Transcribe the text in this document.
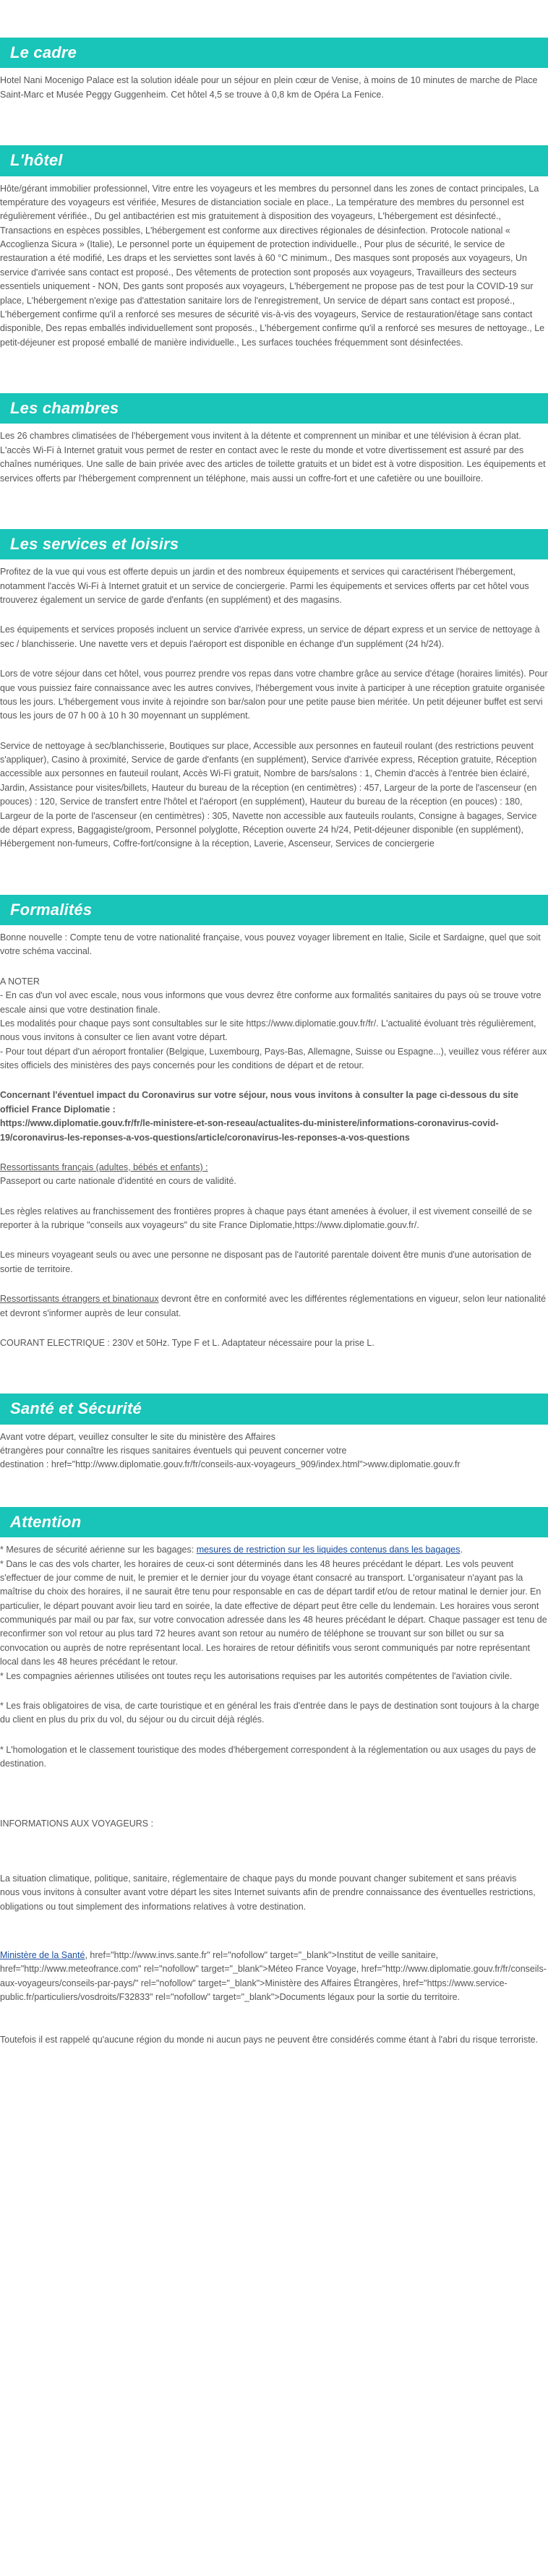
Le cadre

Hotel Nani Mocenigo Palace est la solution idéale pour un séjour en plein cœur de Venise, à moins de 10 minutes de marche de Place Saint-Marc et Musée Peggy Guggenheim. Cet hôtel 4,5 se trouve à 0,8 km de Opéra La Fenice.

L'hôtel

Hôte/gérant immobilier professionnel, Vitre entre les voyageurs et les membres du personnel dans les zones de contact principales, La température des voyageurs est vérifiée, Mesures de distanciation sociale en place., La température des membres du personnel est régulièrement vérifiée., Du gel antibactérien est mis gratuitement à disposition des voyageurs, L'hébergement est désinfecté., Transactions en espèces possibles, L'hébergement est conforme aux directives régionales de désinfection. Protocole national « Accoglienza Sicura » (Italie), Le personnel porte un équipement de protection individuelle., Pour plus de sécurité, le service de restauration a été modifié, Les draps et les serviettes sont lavés à 60 °C minimum., Des masques sont proposés aux voyageurs, Un service d'arrivée sans contact est proposé., Des vêtements de protection sont proposés aux voyageurs, Travailleurs des secteurs essentiels uniquement - NON, Des gants sont proposés aux voyageurs, L'hébergement ne propose pas de test pour la COVID-19 sur place, L'hébergement n'exige pas d'attestation sanitaire lors de l'enregistrement, Un service de départ sans contact est proposé., L'hébergement confirme qu'il a renforcé ses mesures de sécurité vis-à-vis des voyageurs, Service de restauration/étage sans contact disponible, Des repas emballés individuellement sont proposés., L'hébergement confirme qu'il a renforcé ses mesures de nettoyage., Le petit-déjeuner est proposé emballé de manière individuelle., Les surfaces touchées fréquemment sont désinfectées.

Les chambres

Les 26 chambres climatisées de l'hébergement vous invitent à la détente et comprennent un minibar et une télévision à écran plat. L'accès Wi-Fi à Internet gratuit vous permet de rester en contact avec le reste du monde et votre divertissement est assuré par des chaînes numériques. Une salle de bain privée avec des articles de toilette gratuits et un bidet est à votre disposition. Les équipements et services offerts par l'hébergement comprennent un téléphone, mais aussi un coffre-fort et une cafetière ou une bouilloire.

Les services et loisirs

Profitez de la vue qui vous est offerte depuis un jardin et des nombreux équipements et services qui caractérisent l'hébergement, notamment l'accès Wi-Fi à Internet gratuit et un service de conciergerie. Parmi les équipements et services offerts par cet hôtel vous trouverez également un service de garde d'enfants (en supplément) et des magasins.

Les équipements et services proposés incluent un service d'arrivée express, un service de départ express et un service de nettoyage à sec / blanchisserie. Une navette vers et depuis l'aéroport est disponible en échange d'un supplément (24 h/24).

Lors de votre séjour dans cet hôtel, vous pourrez prendre vos repas dans votre chambre grâce au service d'étage (horaires limités). Pour que vous puissiez faire connaissance avec les autres convives, l'hébergement vous invite à participer à une réception gratuite organisée tous les jours. L'hébergement vous invite à rejoindre son bar/salon pour une petite pause bien méritée. Un petit déjeuner buffet est servi tous les jours de 07 h 00 à 10 h 30 moyennant un supplément.

Service de nettoyage à sec/blanchisserie, Boutiques sur place, Accessible aux personnes en fauteuil roulant (des restrictions peuvent s'appliquer), Casino à proximité, Service de garde d'enfants (en supplément), Service d'arrivée express, Réception gratuite, Réception accessible aux personnes en fauteuil roulant, Accès Wi-Fi gratuit, Nombre de bars/salons : 1, Chemin d'accès à l'entrée bien éclairé, Jardin, Assistance pour visites/billets, Hauteur du bureau de la réception (en centimètres) : 457, Largeur de la porte de l'ascenseur (en pouces) : 120, Service de transfert entre l'hôtel et l'aéroport (en supplément), Hauteur du bureau de la réception (en pouces) : 180, Largeur de la porte de l'ascenseur (en centimètres) : 305, Navette non accessible aux fauteuils roulants, Consigne à bagages, Service de départ express, Baggagiste/groom, Personnel polyglotte, Réception ouverte 24 h/24, Petit-déjeuner disponible (en supplément), Hébergement non-fumeurs, Coffre-fort/consigne à la réception, Laverie, Ascenseur, Services de conciergerie

Formalités

Bonne nouvelle : Compte tenu de votre nationalité française, vous pouvez voyager librement en Italie, Sicile et Sardaigne, quel que soit votre schéma vaccinal.

A NOTER

- En cas d'un vol avec escale, nous vous informons que vous devrez être conforme aux formalités sanitaires du pays où se trouve votre escale ainsi que votre destination finale.

Les modalités pour chaque pays sont consultables sur le site https://www.diplomatie.gouv.fr/fr/. L'actualité évoluant très régulièrement, nous vous invitons à consulter ce lien avant votre départ.

- Pour tout départ d'un aéroport frontalier (Belgique, Luxembourg, Pays-Bas, Allemagne, Suisse ou Espagne...), veuillez vous référer aux sites officiels des ministères des pays concernés pour les conditions de départ et de retour.

Concernant l'éventuel impact du Coronavirus sur votre séjour, nous vous invitons à consulter la page ci-dessous du site officiel France Diplomatie :

https://www.diplomatie.gouv.fr/fr/le-ministere-et-son-reseau/actualites-du-ministere/informations-coronavirus-covid-19/coronavirus-les-reponses-a-vos-questions/article/coronavirus-les-reponses-a-vos-questions

Ressortissants français (adultes, bébés et enfants) :

Passeport ou carte nationale d'identité en cours de validité.

Les règles relatives au franchissement des frontières propres à chaque pays étant amenées à évoluer, il est vivement conseillé de se reporter à la rubrique "conseils aux voyageurs" du site France Diplomatie,https://www.diplomatie.gouv.fr/.

Les mineurs voyageant seuls ou avec une personne ne disposant pas de l'autorité parentale doivent être munis d'une autorisation de sortie de territoire.

Ressortissants étrangers et binationaux devront être en conformité avec les différentes réglementations en vigueur, selon leur nationalité et devront s'informer auprès de leur consulat.

COURANT ELECTRIQUE : 230V et 50Hz. Type F et L. Adaptateur nécessaire pour la prise L.

Santé et Sécurité

Avant votre départ, veuillez consulter le site du ministère des Affaires
étrangères pour connaître les risques sanitaires éventuels qui peuvent concerner votre
destination : href="http://www.diplomatie.gouv.fr/fr/conseils-aux-voyageurs_909/index.html">www.diplomatie.gouv.fr

Attention

* Mesures de sécurité aérienne sur les bagages: mesures de restriction sur les liquides contenus dans les bagages.

* Dans le cas des vols charter, les horaires de ceux-ci sont déterminés dans les 48 heures précédant le départ. Les vols peuvent s'effectuer de jour comme de nuit, le premier et le dernier jour du voyage étant consacré au transport. L'organisateur n'ayant pas la maîtrise du choix des horaires, il ne saurait être tenu pour responsable en cas de départ tardif et/ou de retour matinal le dernier jour. En particulier, le départ pouvant avoir lieu tard en soirée, la date effective de départ peut être celle du lendemain. Les horaires vous seront communiqués par mail ou par fax, sur votre convocation adressée dans les 48 heures précédant le départ. Chaque passager est tenu de reconfirmer son vol retour au plus tard 72 heures avant son retour au numéro de téléphone se trouvant sur son billet ou sur sa convocation ou auprès de notre représentant local. Les horaires de retour définitifs vous seront communiqués par notre représentant local dans les 48 heures précédant le retour.

* Les compagnies aériennes utilisées ont toutes reçu les autorisations requises par les autorités compétentes de l'aviation civile.

* Les frais obligatoires de visa, de carte touristique et en général les frais d'entrée dans le pays de destination sont toujours à la charge du client en plus du prix du vol, du séjour ou du circuit déjà réglés.

* L'homologation et le classement touristique des modes d'hébergement correspondent à la réglementation ou aux usages du pays de destination.

INFORMATIONS AUX VOYAGEURS :

La situation climatique, politique, sanitaire, réglementaire de chaque pays du monde pouvant changer subitement et sans préavis
nous vous invitons à consulter avant votre départ les sites Internet suivants afin de prendre connaissance des éventuelles restrictions, obligations ou tout simplement des informations relatives à votre destination.

Ministère de la Santé, href="http://www.invs.sante.fr" rel="nofollow" target="_blank">Institut de veille sanitaire, href="http://www.meteofrance.com" rel="nofollow" target="_blank">Méteo France Voyage, href="http://www.diplomatie.gouv.fr/fr/conseils-aux-voyageurs/conseils-par-pays/" rel="nofollow" target="_blank">Ministère des Affaires Étrangères, href="https://www.service-public.fr/particuliers/vosdroits/F32833" rel="nofollow" target="_blank">Documents légaux pour la sortie du territoire.

Toutefois il est rappelé qu'aucune région du monde ni aucun pays ne peuvent être considérés comme étant à l'abri du risque terroriste.
